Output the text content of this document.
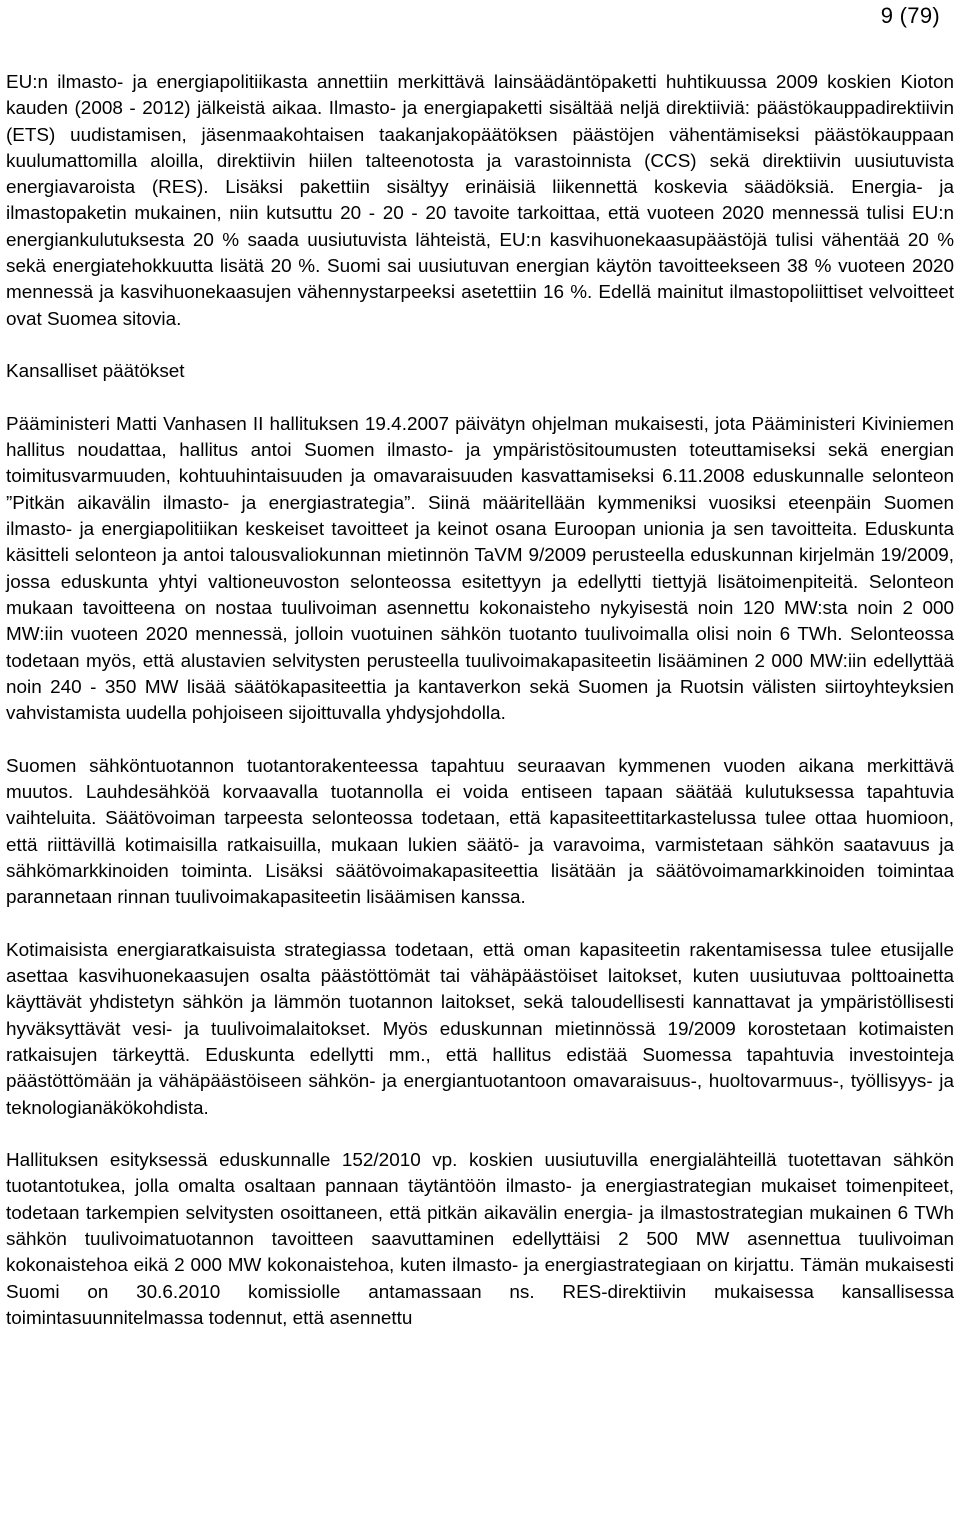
9 (79)

EU:n ilmasto- ja energiapolitiikasta annettiin merkittävä lainsäädäntöpaketti huhtikuussa 2009 koskien Kioton kauden (2008 - 2012) jälkeistä aikaa. Ilmasto- ja energiapaketti sisältää neljä direktiiviä: päästökauppadirektiivin (ETS) uudistamisen, jäsenmaakohtaisen taakanjakopäätöksen päästöjen vähentämiseksi päästökauppaan kuulumattomilla aloilla, direktiivin hiilen talteenotosta ja varastoinnista (CCS) sekä direktiivin uusiutuvista energiavaroista (RES). Lisäksi pakettiin sisältyy erinäisiä liikennettä koskevia säädöksiä. Energia- ja ilmastopaketin mukainen, niin kutsuttu 20 - 20 - 20 tavoite tarkoittaa, että vuoteen 2020 mennessä tulisi EU:n energiankulutuksesta 20 % saada uusiutuvista lähteistä, EU:n kasvihuonekaasupäästöjä tulisi vähentää 20 % sekä energiatehokkuutta lisätä 20 %. Suomi sai uusiutuvan energian käytön tavoitteekseen 38 % vuoteen 2020 mennessä ja kasvihuonekaasujen vähennystarpeeksi asetettiin 16 %. Edellä mainitut ilmastopoliittiset velvoitteet ovat Suomea sitovia.

Kansalliset päätökset

Pääministeri Matti Vanhasen II hallituksen 19.4.2007 päivätyn ohjelman mukaisesti, jota Pääministeri Kiviniemen hallitus noudattaa, hallitus antoi Suomen ilmasto- ja ympäristösitoumusten toteuttamiseksi sekä energian toimitusvarmuuden, kohtuuhintaisuuden ja omavaraisuuden kasvattamiseksi 6.11.2008 eduskunnalle selonteon ”Pitkän aikavälin ilmasto- ja energiastrategia”. Siinä määritellään kymmeniksi vuosiksi eteenpäin Suomen ilmasto- ja energiapolitiikan keskeiset tavoitteet ja keinot osana Euroopan unionia ja sen tavoitteita. Eduskunta käsitteli selonteon ja antoi talousvaliokunnan mietinnön TaVM 9/2009 perusteella eduskunnan kirjelmän 19/2009, jossa eduskunta yhtyi valtioneuvoston selonteossa esitettyyn ja edellytti tiettyjä lisätoimenpiteitä. Selonteon mukaan tavoitteena on nostaa tuulivoiman asennettu kokonaisteho nykyisestä noin 120 MW:sta noin 2 000 MW:iin vuoteen 2020 mennessä, jolloin vuotuinen sähkön tuotanto tuulivoimalla olisi noin 6 TWh. Selonteossa todetaan myös, että alustavien selvitysten perusteella tuulivoimakapasiteetin lisääminen 2 000 MW:iin edellyttää noin 240 - 350 MW lisää säätökapasiteettia ja kantaverkon sekä Suomen ja Ruotsin välisten siirtoyhteyksien vahvistamista uudella pohjoiseen sijoittuvalla yhdysjohdolla.

Suomen sähköntuotannon tuotantorakenteessa tapahtuu seuraavan kymmenen vuoden aikana merkittävä muutos. Lauhdesähköä korvaavalla tuotannolla ei voida entiseen tapaan säätää kulutuksessa tapahtuvia vaihteluita. Säätövoiman tarpeesta selonteossa todetaan, että kapasiteettitarkastelussa tulee ottaa huomioon, että riittävillä kotimaisilla ratkaisuilla, mukaan lukien säätö- ja varavoima, varmistetaan sähkön saatavuus ja sähkömarkkinoiden toiminta. Lisäksi säätövoimakapasiteettia lisätään ja säätövoimamarkkinoiden toimintaa parannetaan rinnan tuulivoimakapasiteetin lisäämisen kanssa.

Kotimaisista energiaratkaisuista strategiassa todetaan, että oman kapasiteetin rakentamisessa tulee etusijalle asettaa kasvihuonekaasujen osalta päästöttömät tai vähäpäästöiset laitokset, kuten uusiutuvaa polttoainetta käyttävät yhdistetyn sähkön ja lämmön tuotannon laitokset, sekä taloudellisesti kannattavat ja ympäristöllisesti hyväksyttävät vesi- ja tuulivoimalaitokset. Myös eduskunnan mietinnössä 19/2009 korostetaan kotimaisten ratkaisujen tärkeyttä. Eduskunta edellytti mm., että hallitus edistää Suomessa tapahtuvia investointeja päästöttömään ja vähäpäästöiseen sähkön- ja energiantuotantoon omavaraisuus-, huoltovarmuus-, työllisyys- ja teknologianäkökohdista.

Hallituksen esityksessä eduskunnalle 152/2010 vp. koskien uusiutuvilla energialähteillä tuotettavan sähkön tuotantotukea, jolla omalta osaltaan pannaan täytäntöön ilmasto- ja energiastrategian mukaiset toimenpiteet, todetaan tarkempien selvitysten osoittaneen, että pitkän aikavälin energia- ja ilmastostrategian mukainen 6 TWh sähkön tuulivoimatuotannon tavoitteen saavuttaminen edellyttäisi 2 500 MW asennettua tuulivoiman kokonaistehoa eikä 2 000 MW kokonaistehoa, kuten ilmasto- ja energiastrategiaan on kirjattu. Tämän mukaisesti Suomi on 30.6.2010 komissiolle antamassaan ns. RES-direktiivin mukaisessa kansallisessa toimintasuunnitelmassa todennut, että asennettu
